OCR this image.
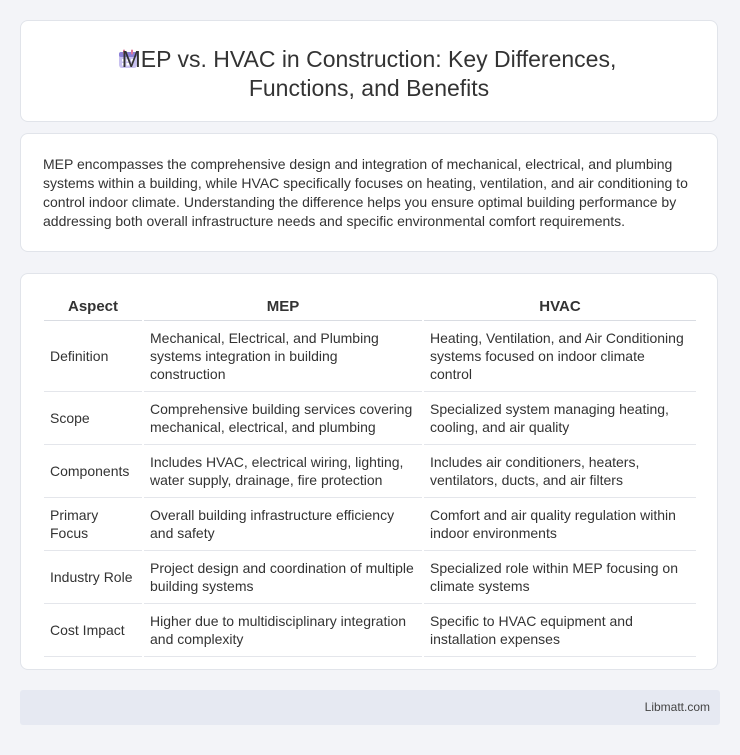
MEP vs. HVAC in Construction: Key Differences,
Functions, and Benefits

MEP encompasses the comprehensive design and integration of mechanical, electrical, and plumbing systems within a building, while HVAC specifically focuses on heating, ventilation, and air conditioning to control indoor climate. Understanding the difference helps you ensure optimal building performance by addressing both overall infrastructure needs and specific environmental comfort requirements.

Aspect	MEP	HVAC
Definition	Mechanical, Electrical, and Plumbing systems integration in building construction	Heating, Ventilation, and Air Conditioning systems focused on indoor climate control
Scope	Comprehensive building services covering mechanical, electrical, and plumbing	Specialized system managing heating, cooling, and air quality
Components	Includes HVAC, electrical wiring, lighting, water supply, drainage, fire protection	Includes air conditioners, heaters, ventilators, ducts, and air filters
Primary Focus	Overall building infrastructure efficiency and safety	Comfort and air quality regulation within indoor environments
Industry Role	Project design and coordination of multiple building systems	Specialized role within MEP focusing on climate systems
Cost Impact	Higher due to multidisciplinary integration and complexity	Specific to HVAC equipment and installation expenses
Libmatt.com
